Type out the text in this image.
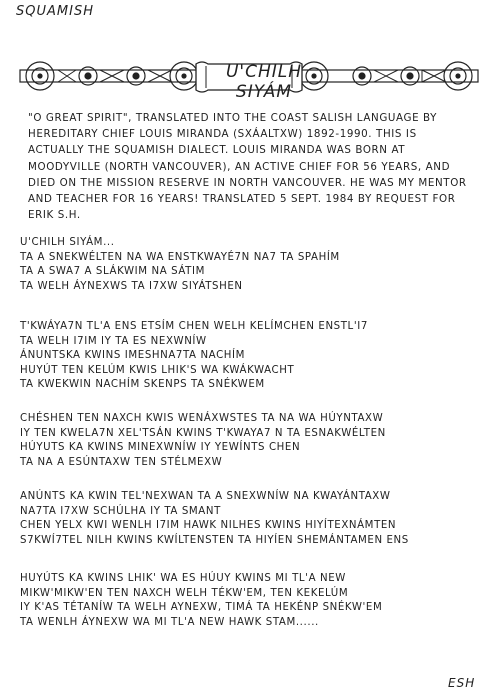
SQUAMISH
U'CHILH SIYÁM
"O GREAT SPIRIT", TRANSLATED INTO THE COAST SALISH LANGUAGE BY HEREDITARY CHIEF LOUIS MIRANDA (SXÁALTXW) 1892-1990. THIS IS ACTUALLY THE SQUAMISH DIALECT. LOUIS MIRANDA WAS BORN AT MOODYVILLE (NORTH VANCOUVER), AN ACTIVE CHIEF FOR 56 YEARS, AND DIED ON THE MISSION RESERVE IN NORTH VANCOUVER. HE WAS MY MENTOR AND TEACHER FOR 16 YEARS! TRANSLATED 5 SEPT. 1984 BY REQUEST FOR ERIK S.H.
U'CHILH SIYÁM...
TA A SNEKWÉLTEN NA WA ENSTKWAYÉ7N NA7 TA SPAHÍM
TA A SWA7 A SLÁKWIM NA SÁTIM
TA WELH ÁYNEXWS TA I7XW SIYÁTSHEN
T'KWÁYA7N TL'A ENS ETSÍM CHEN WELH KELÍMCHEN ENSTL'I7
TA WELH I7IM IY TA ES NEXWNÍW
ÁNUNTSKA KWINS IMESHNA7TA NACHÍM
HUYÚT TEN KELÚM KWIS LHIK'S WA KWÁKWACHT
TA KWEKWIN NACHÍM SKENPS TA SNÉKWEM
CHÉSHEN TEN NAXCH KWIS WENÁXWSTES TA NA WA HÚYNTAXW
IY TEN KWELA7N XEL'TSÁN KWINS T'KWAYA7 N TA ESNAKWÉLTEN
HÚYUTS KA KWINS MINEXWNÍW IY YEWÍNTS CHEN
TA NA A ESÚNTAXW TEN STÉLMEXW
ANÚNTS KA KWIN TEL'NEXWAN TA A SNEXWNÍW NA KWAYÁNTAXW
NA7TA I7XW SCHÚLHA IY TA SMANT
CHEN YELX KWI WENLH I7IM HAWK NILHES KWINS HIYÍTEXNÁMTEN
S7KWÍ7TEL NILH KWINS KWÍLTENSTEN TA HIYÍEN SHEMÁNTAMEN ENS
HUYÚTS KA KWINS LHIK' WA ES HÚUY KWINS MI TL'A NEW
MIKW'MIKW'EN TEN NAXCH WELH TÉKW'EM, TEN KEKELÚM
IY K'AS TÉTANÍW TA WELH AYNEXW, TIMÁ TA HEKÉNP SNÉKW'EM
TA WENLH ÁYNEXW WA MI TL'A NEW HAWK STAM......
ESH
